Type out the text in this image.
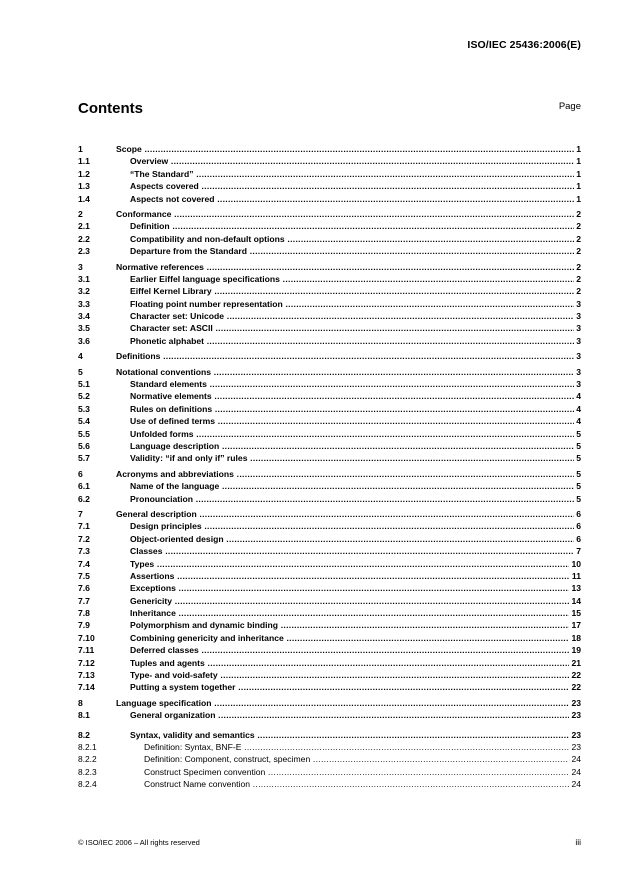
ISO/IEC 25436:2006(E)
Contents	Page
1	Scope .....	1
1.1	Overview .....	1
1.2	“The Standard” .....	1
1.3	Aspects covered .....	1
1.4	Aspects not covered .....	1
2	Conformance .....	2
2.1	Definition .....	2
2.2	Compatibility and non-default options .....	2
2.3	Departure from the Standard .....	2
3	Normative references .....	2
3.1	Earlier Eiffel language specifications .....	2
3.2	Eiffel Kernel Library .....	2
3.3	Floating point number representation .....	3
3.4	Character set: Unicode .....	3
3.5	Character set: ASCII .....	3
3.6	Phonetic alphabet .....	3
4	Definitions .....	3
5	Notational conventions .....	3
5.1	Standard elements .....	3
5.2	Normative elements .....	4
5.3	Rules on definitions .....	4
5.4	Use of defined terms .....	4
5.5	Unfolded forms .....	5
5.6	Language description .....	5
5.7	Validity: “if and only if” rules .....	5
6	Acronyms and abbreviations .....	5
6.1	Name of the language .....	5
6.2	Pronounciation .....	5
7	General description .....	6
7.1	Design principles .....	6
7.2	Object-oriented design .....	6
7.3	Classes .....	7
7.4	Types .....	10
7.5	Assertions .....	11
7.6	Exceptions .....	13
7.7	Genericity .....	14
7.8	Inheritance .....	15
7.9	Polymorphism and dynamic binding .....	17
7.10	Combining genericity and inheritance .....	18
7.11	Deferred classes .....	19
7.12	Tuples and agents .....	21
7.13	Type- and void-safety .....	22
7.14	Putting a system together .....	22
8	Language specification .....	23
8.1	General organization .....	23
8.2	Syntax, validity and semantics .....	23
8.2.1	Definition: Syntax, BNF-E .....	23
8.2.2	Definition: Component, construct, specimen .....	24
8.2.3	Construct Specimen convention .....	24
8.2.4	Construct Name convention .....	24
© ISO/IEC 2006 – All rights reserved	iii
